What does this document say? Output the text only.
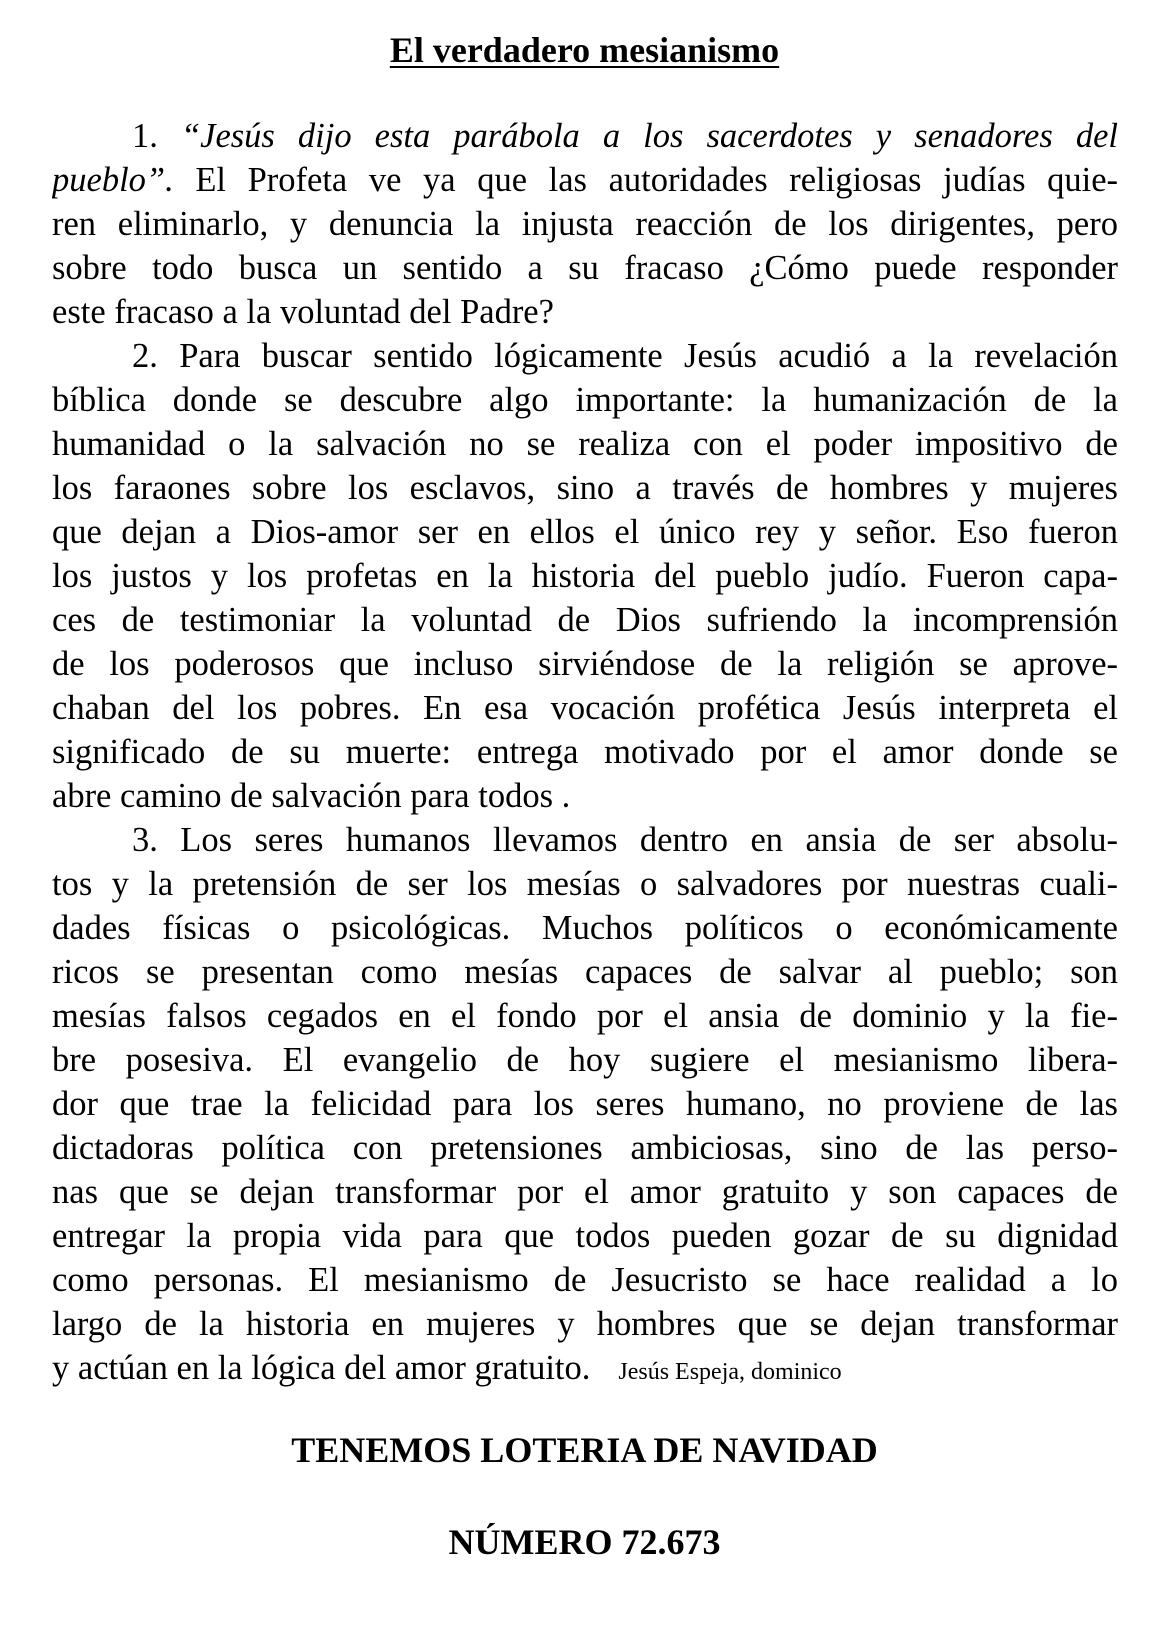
El verdadero mesianismo
1. “Jesús dijo esta parábola a los sacerdotes y senadores del
pueblo”. El Profeta ve ya que las autoridades religiosas judías quie-
ren eliminarlo, y denuncia la injusta reacción de los dirigentes, pero
sobre todo busca un sentido a su fracaso ¿Cómo puede responder
este fracaso a la voluntad del Padre?
2. Para buscar sentido lógicamente Jesús acudió a la revelación
bíblica donde se descubre algo importante: la humanización de la
humanidad o la salvación no se realiza con el poder impositivo de
los faraones sobre los esclavos, sino a través de hombres y mujeres
que dejan a Dios-amor ser en ellos el único rey y señor. Eso fueron
los justos y los profetas en la historia del pueblo judío. Fueron capa-
ces de testimoniar la voluntad de Dios sufriendo la incomprensión
de los poderosos que incluso sirviéndose de la religión se aprove-
chaban del los pobres. En esa vocación profética Jesús interpreta el
significado de su muerte: entrega motivado por el amor donde se
abre camino de salvación para todos .
3. Los seres humanos llevamos dentro en ansia de ser absolu-
tos y la pretensión de ser los mesías o salvadores por nuestras cuali-
dades físicas o psicológicas. Muchos políticos o económicamente
ricos se presentan como mesías capaces de salvar al pueblo; son
mesías falsos cegados en el fondo por el ansia de dominio y la fie-
bre posesiva. El evangelio de hoy sugiere el mesianismo libera-
dor que trae la felicidad para los seres humano, no proviene de las
dictadoras política con pretensiones ambiciosas, sino de las perso-
nas que se dejan transformar por el amor gratuito y son capaces de
entregar la propia vida para que todos pueden gozar de su dignidad
como personas. El mesianismo de Jesucristo se hace realidad a lo
largo de la historia en mujeres y hombres que se dejan transformar
y actúan en la lógica del amor gratuito. Jesús Espeja, dominico
TENEMOS LOTERIA DE NAVIDAD
NÚMERO 72.673
